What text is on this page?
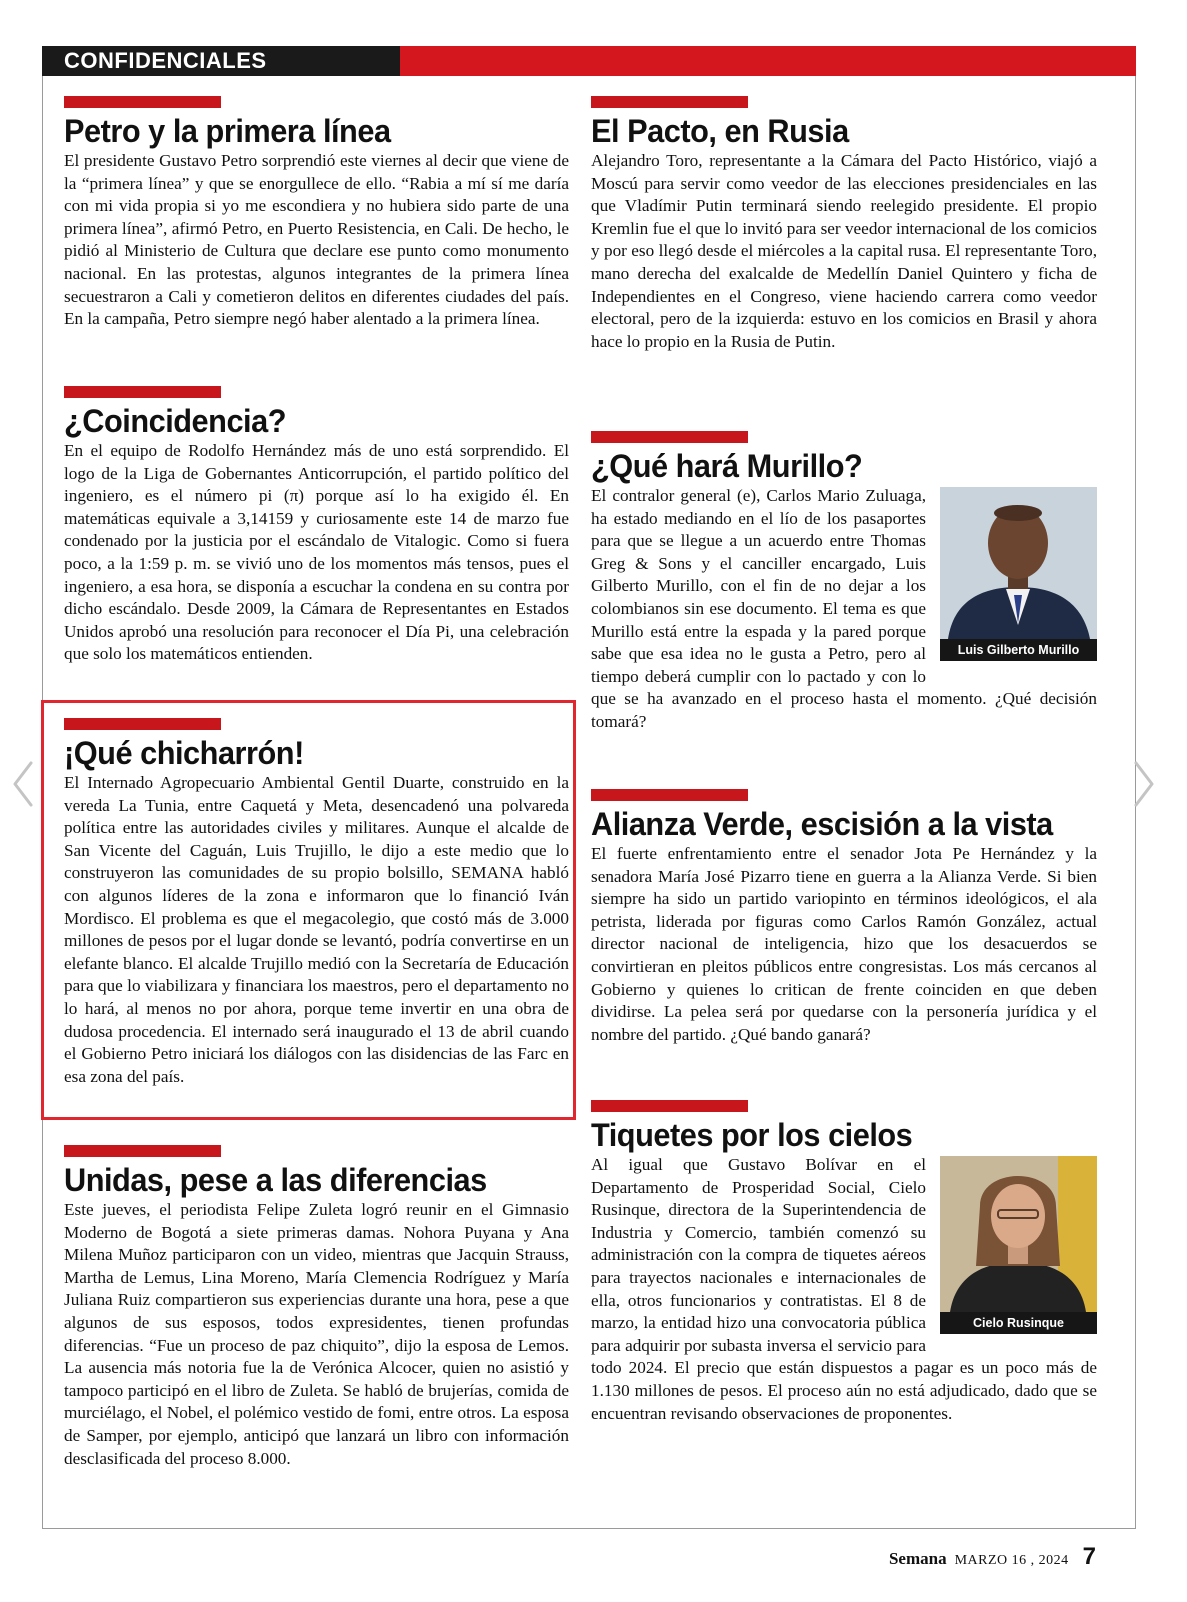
CONFIDENCIALES
Petro y la primera línea
El presidente Gustavo Petro sorprendió este viernes al decir que viene de la “primera línea” y que se enorgullece de ello. “Rabia a mí sí me daría con mi vida propia si yo me escondiera y no hubiera sido parte de una primera línea”, afirmó Petro, en Puerto Resistencia, en Cali. De hecho, le pidió al Ministerio de Cultura que declare ese punto como monumento nacional. En las protestas, algunos integrantes de la primera línea secuestraron a Cali y cometieron delitos en diferentes ciudades del país. En la campaña, Petro siempre negó haber alentado a la primera línea.
¿Coincidencia?
En el equipo de Rodolfo Hernández más de uno está sorprendido. El logo de la Liga de Gobernantes Anticorrupción, el partido político del ingeniero, es el número pi (π) porque así lo ha exigido él. En matemáticas equivale a 3,14159 y curiosamente este 14 de marzo fue condenado por la justicia por el escándalo de Vitalogic. Como si fuera poco, a la 1:59 p. m. se vivió uno de los momentos más tensos, pues el ingeniero, a esa hora, se disponía a escuchar la condena en su contra por dicho escándalo. Desde 2009, la Cámara de Representantes en Estados Unidos aprobó una resolución para reconocer el Día Pi, una celebración que solo los matemáticos entienden.
¡Qué chicharrón!
El Internado Agropecuario Ambiental Gentil Duarte, construido en la vereda La Tunia, entre Caquetá y Meta, desencadenó una polvareda política entre las autoridades civiles y militares. Aunque el alcalde de San Vicente del Caguán, Luis Trujillo, le dijo a este medio que lo construyeron las comunidades de su propio bolsillo, SEMANA habló con algunos líderes de la zona e informaron que lo financió Iván Mordisco. El problema es que el megacolegio, que costó más de 3.000 millones de pesos por el lugar donde se levantó, podría convertirse en un elefante blanco. El alcalde Trujillo medió con la Secretaría de Educación para que lo viabilizara y financiara los maestros, pero el departamento no lo hará, al menos no por ahora, porque teme invertir en una obra de dudosa procedencia. El internado será inaugurado el 13 de abril cuando el Gobierno Petro iniciará los diálogos con las disidencias de las Farc en esa zona del país.
Unidas, pese a las diferencias
Este jueves, el periodista Felipe Zuleta logró reunir en el Gimnasio Moderno de Bogotá a siete primeras damas. Nohora Puyana y Ana Milena Muñoz participaron con un video, mientras que Jacquin Strauss, Martha de Lemus, Lina Moreno, María Clemencia Rodríguez y María Juliana Ruiz compartieron sus experiencias durante una hora, pese a que algunos de sus esposos, todos expresidentes, tienen profundas diferencias. “Fue un proceso de paz chiquito”, dijo la esposa de Lemos. La ausencia más notoria fue la de Verónica Alcocer, quien no asistió y tampoco participó en el libro de Zuleta. Se habló de brujerías, comida de murciélago, el Nobel, el polémico vestido de fomi, entre otros. La esposa de Samper, por ejemplo, anticipó que lanzará un libro con información desclasificada del proceso 8.000.
El Pacto, en Rusia
Alejandro Toro, representante a la Cámara del Pacto Histórico, viajó a Moscú para servir como veedor de las elecciones presidenciales en las que Vladímir Putin terminará siendo reelegido presidente. El propio Kremlin fue el que lo invitó para ser veedor internacional de los comicios y por eso llegó desde el miércoles a la capital rusa. El representante Toro, mano derecha del exalcalde de Medellín Daniel Quintero y ficha de Independientes en el Congreso, viene haciendo carrera como veedor electoral, pero de la izquierda: estuvo en los comicios en Brasil y ahora hace lo propio en la Rusia de Putin.
¿Qué hará Murillo?
Luis Gilberto Murillo
El contralor general (e), Carlos Mario Zuluaga, ha estado mediando en el lío de los pasaportes para que se llegue a un acuerdo entre Thomas Greg & Sons y el canciller encargado, Luis Gilberto Murillo, con el fin de no dejar a los colombianos sin ese documento. El tema es que Murillo está entre la espada y la pared porque sabe que esa idea no le gusta a Petro, pero al tiempo deberá cumplir con lo pactado y con lo que se ha avanzado en el proceso hasta el momento. ¿Qué decisión tomará?
Alianza Verde, escisión a la vista
El fuerte enfrentamiento entre el senador Jota Pe Hernández y la senadora María José Pizarro tiene en guerra a la Alianza Verde. Si bien siempre ha sido un partido variopinto en términos ideológicos, el ala petrista, liderada por figuras como Carlos Ramón González, actual director nacional de inteligencia, hizo que los desacuerdos se convirtieran en pleitos públicos entre congresistas. Los más cercanos al Gobierno y quienes lo critican de frente coinciden en que deben dividirse. La pelea será por quedarse con la personería jurídica y el nombre del partido. ¿Qué bando ganará?
Tiquetes por los cielos
Cielo Rusinque
Al igual que Gustavo Bolívar en el Departamento de Prosperidad Social, Cielo Rusinque, directora de la Superintendencia de Industria y Comercio, también comenzó su administración con la compra de tiquetes aéreos para trayectos nacionales e internacionales de ella, otros funcionarios y contratistas. El 8 de marzo, la entidad hizo una convocatoria pública para adquirir por subasta inversa el servicio para todo 2024. El precio que están dispuestos a pagar es un poco más de 1.130 millones de pesos. El proceso aún no está adjudicado, dado que se encuentran revisando observaciones de proponentes.
Semana MARZO 16 , 2024 7
